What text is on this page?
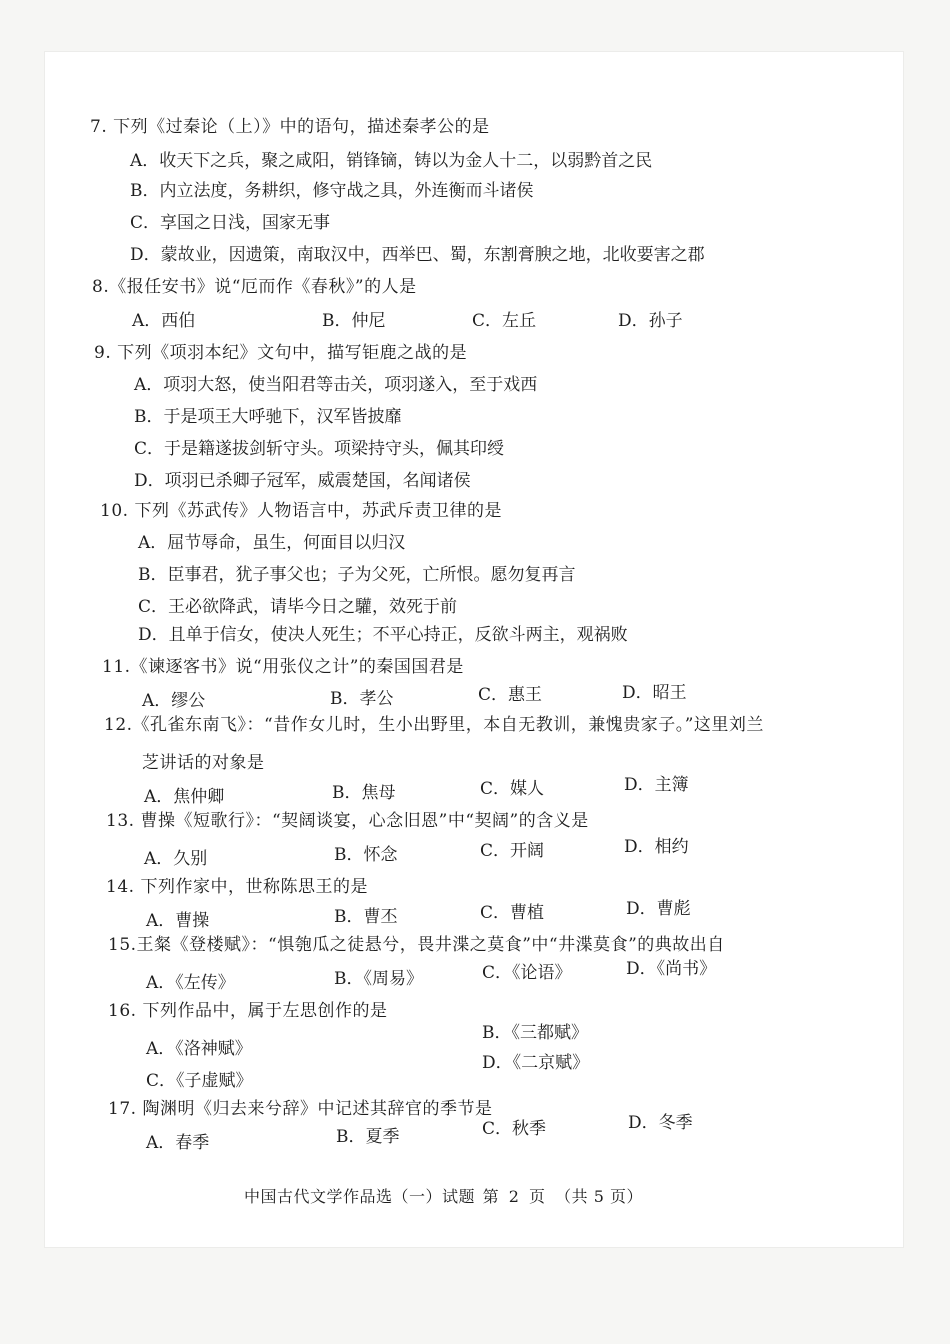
7. 下列《过秦论（上）》中的语句，描述秦孝公的是
A．收天下之兵，聚之咸阳，销锋镝，铸以为金人十二，以弱黔首之民
B．内立法度，务耕织，修守战之具，外连衡而斗诸侯
C．享国之日浅，国家无事
D．蒙故业，因遗策，南取汉中，西举巴、蜀，东割膏腴之地，北收要害之郡
8.《报任安书》说“厄而作《春秋》”的人是
A．西伯	B．仲尼	C．左丘	D．孙子
9. 下列《项羽本纪》文句中，描写钜鹿之战的是
A．项羽大怒，使当阳君等击关，项羽遂入，至于戏西
B．于是项王大呼驰下，汉军皆披靡
C．于是籍遂拔剑斩守头。项梁持守头，佩其印绶
D．项羽已杀卿子冠军，威震楚国，名闻诸侯
10. 下列《苏武传》人物语言中，苏武斥责卫律的是
A．屈节辱命，虽生，何面目以归汉
B．臣事君，犹子事父也；子为父死，亡所恨。愿勿复再言
C．王必欲降武，请毕今日之驩，效死于前
D．且单于信女，使决人死生；不平心持正，反欲斗两主，观祸败
11.《谏逐客书》说“用张仪之计”的秦国国君是
A．缪公	B．孝公	C．惠王	D．昭王
12.《孔雀东南飞》：“昔作女儿时，生小出野里，本自无教训，兼愧贵家子。”这里刘兰
芝讲话的对象是
A．焦仲卿	B．焦母	C．媒人	D．主簿
13. 曹操《短歌行》：“契阔谈宴，心念旧恩”中“契阔”的含义是
A．久别	B．怀念	C．开阔	D．相约
14. 下列作家中，世称陈思王的是
A．曹操	B．曹丕	C．曹植	D．曹彪
15.王粲《登楼赋》：“惧匏瓜之徒悬兮，畏井渫之莫食”中“井渫莫食”的典故出自
A．《左传》	B．《周易》	C．《论语》	D．《尚书》
16. 下列作品中，属于左思创作的是
A．《洛神赋》
B．《三都赋》
C．《子虚赋》
D．《二京赋》
17. 陶渊明《归去来兮辞》中记述其辞官的季节是
A．春季	B．夏季	C．秋季	D．冬季
中国古代文学作品选（一）试题 第 2 页 （共 5 页）
